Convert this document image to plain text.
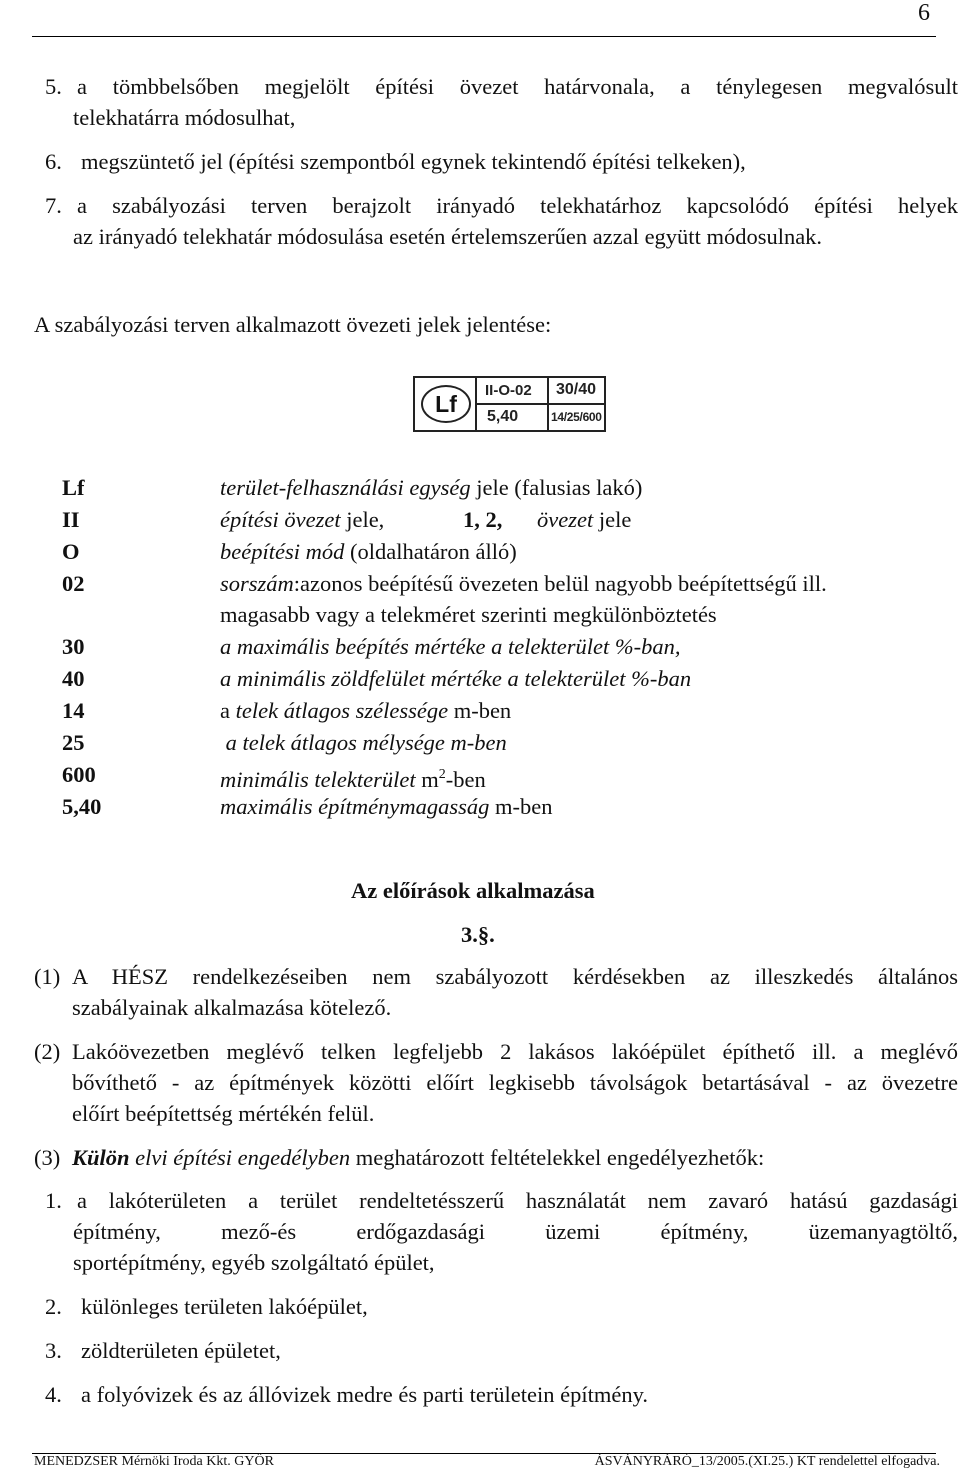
6
5. a tömbbelsőben megjelölt építési övezet határvonala, a ténylegesen megvalósult
telekhatárra módosulhat,
6. megszüntető jel (építési szempontból egynek tekintendő építési telkeken),
7. a szabályozási terven berajzolt irányadó telekhatárhoz kapcsolódó építési helyek
az irányadó telekhatár módosulása esetén értelemszerűen azzal együtt módosulnak.
A szabályozási terven alkalmazott övezeti jelek jelentése:
Lf
II-O-02 30/40
5,40	14/25/600
Lf	terület-felhasználási egység jele (falusias lakó)
II	építési övezet jele,	1, 2, övezet jele
O	beépítési mód (oldalhatáron álló)
02	sorszám:azonos beépítésű övezeten belül nagyobb beépítettségű ill.
magasabb vagy a telekméret szerinti megkülönböztetés
30	a maximális beépítés mértéke a telekterület %-ban,
40	a minimális zöldfelület mértéke a telekterület %-ban
14	a telek átlagos szélessége m-ben
25	a telek átlagos mélysége m-ben
600	minimális telekterület $m^2$-ben
5,40	maximális építménymagasság m-ben
Az előírások alkalmazása
3.§.
(1) A HÉSZ rendelkezéseiben nem szabályozott kérdésekben az illeszkedés általános
szabályainak alkalmazása kötelező.
(2) Lakóövezetben meglévő telken legfeljebb 2 lakásos lakóépület építhető ill. a meglévő
bővíthető - az építmények közötti előírt legkisebb távolságok betartásával - az övezetre
előírt beépítettség mértékén felül.
(3) Külön elvi építési engedélyben meghatározott feltételekkel engedélyezhetők:
1. a lakóterületen a terület rendeltetésszerű használatát nem zavaró hatású gazdasági
építmény, mező-és erdőgazdasági üzemi építmény, üzemanyagtöltő,
sportépítmény, egyéb szolgáltató épület,
2. különleges területen lakóépület,
3. zöldterületen épületet,
4. a folyóvizek és az állóvizek medre és parti területein építmény.
MENEDZSER Mérnöki Iroda Kkt. GYŐR	ÁSVÁNYRÁRÓ_13/2005.(XI.25.) KT rendelettel elfogadva.
